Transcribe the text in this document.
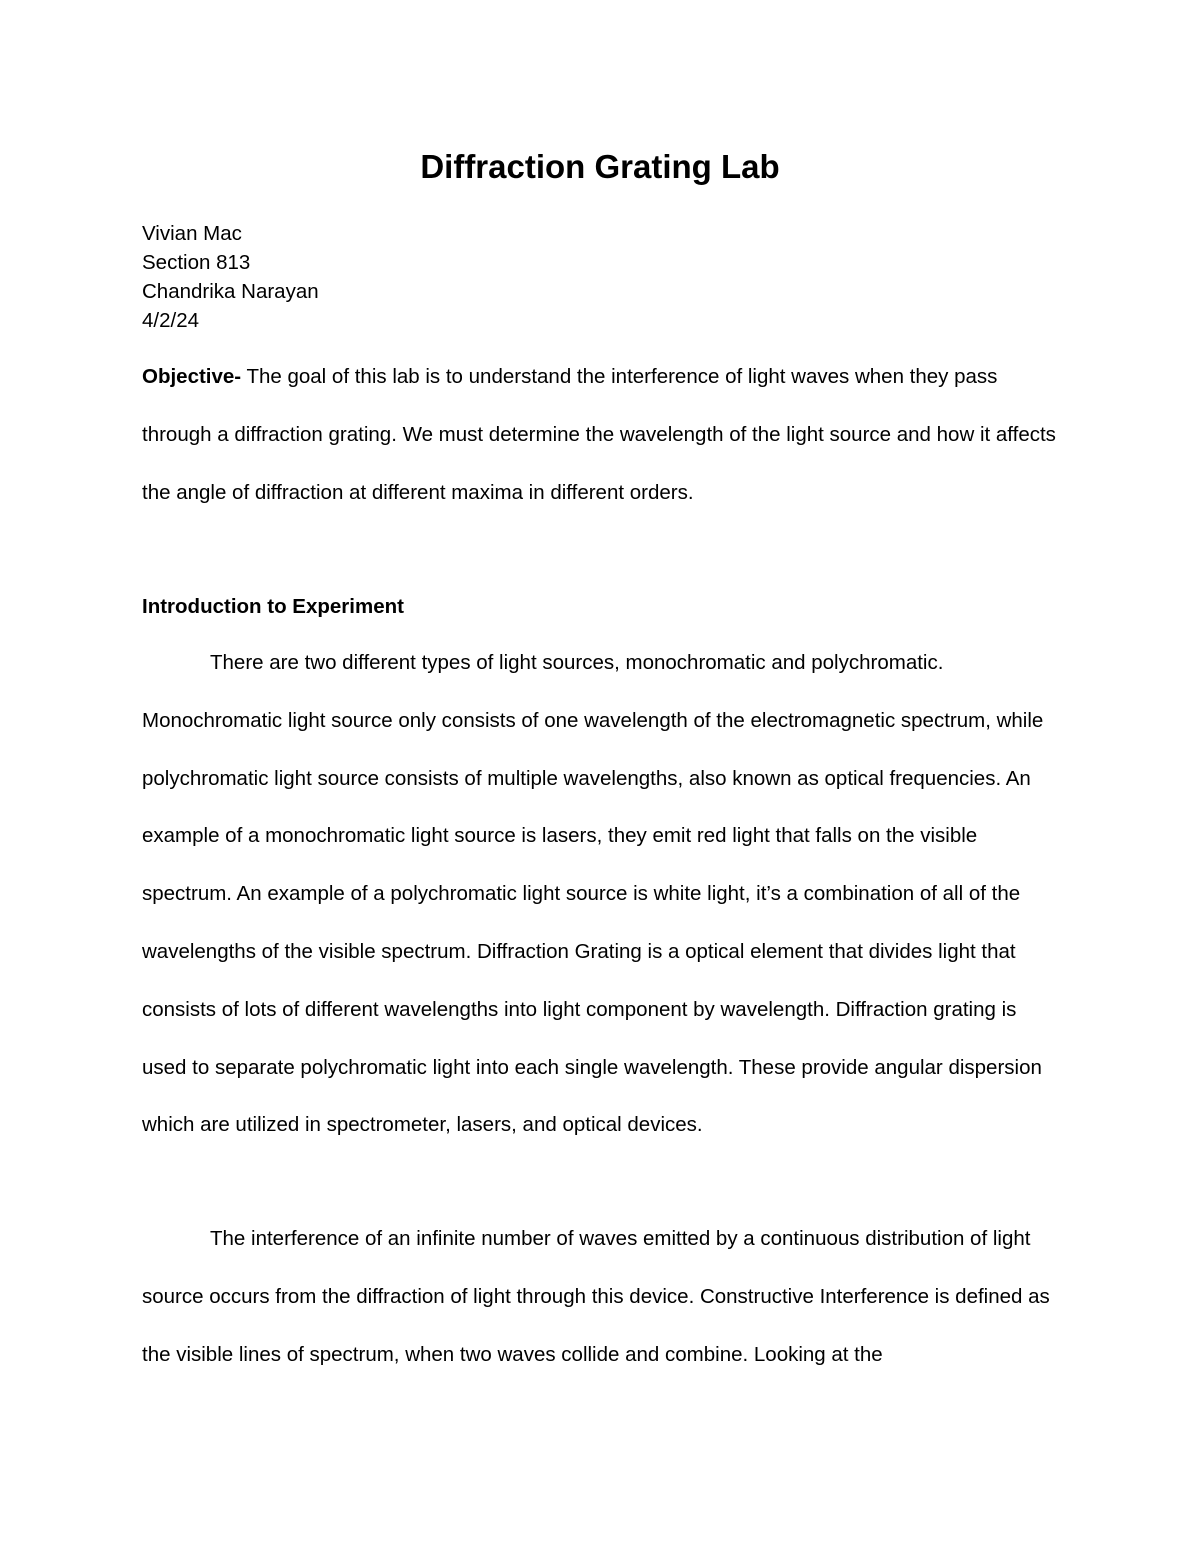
Diffraction Grating Lab
Vivian Mac
Section 813
Chandrika Narayan
4/2/24

Objective- The goal of this lab is to understand the interference of light waves when they pass through a diffraction grating. We must determine the wavelength of the light source and how it affects the angle of diffraction at different maxima in different orders.

Introduction to Experiment

There are two different types of light sources, monochromatic and polychromatic. Monochromatic light source only consists of one wavelength of the electromagnetic spectrum, while polychromatic light source consists of multiple wavelengths, also known as optical frequencies. An example of a monochromatic light source is lasers, they emit red light that falls on the visible spectrum. An example of a polychromatic light source is white light, it’s a combination of all of the wavelengths of the visible spectrum. Diffraction Grating is a optical element that divides light that consists of lots of different wavelengths into light component by wavelength. Diffraction grating is used to separate polychromatic light into each single wavelength. These provide angular dispersion which are utilized in spectrometer, lasers, and optical devices.

The interference of an infinite number of waves emitted by a continuous distribution of light source occurs from the diffraction of light through this device. Constructive Interference is defined as the visible lines of spectrum, when two waves collide and combine. Looking at the
